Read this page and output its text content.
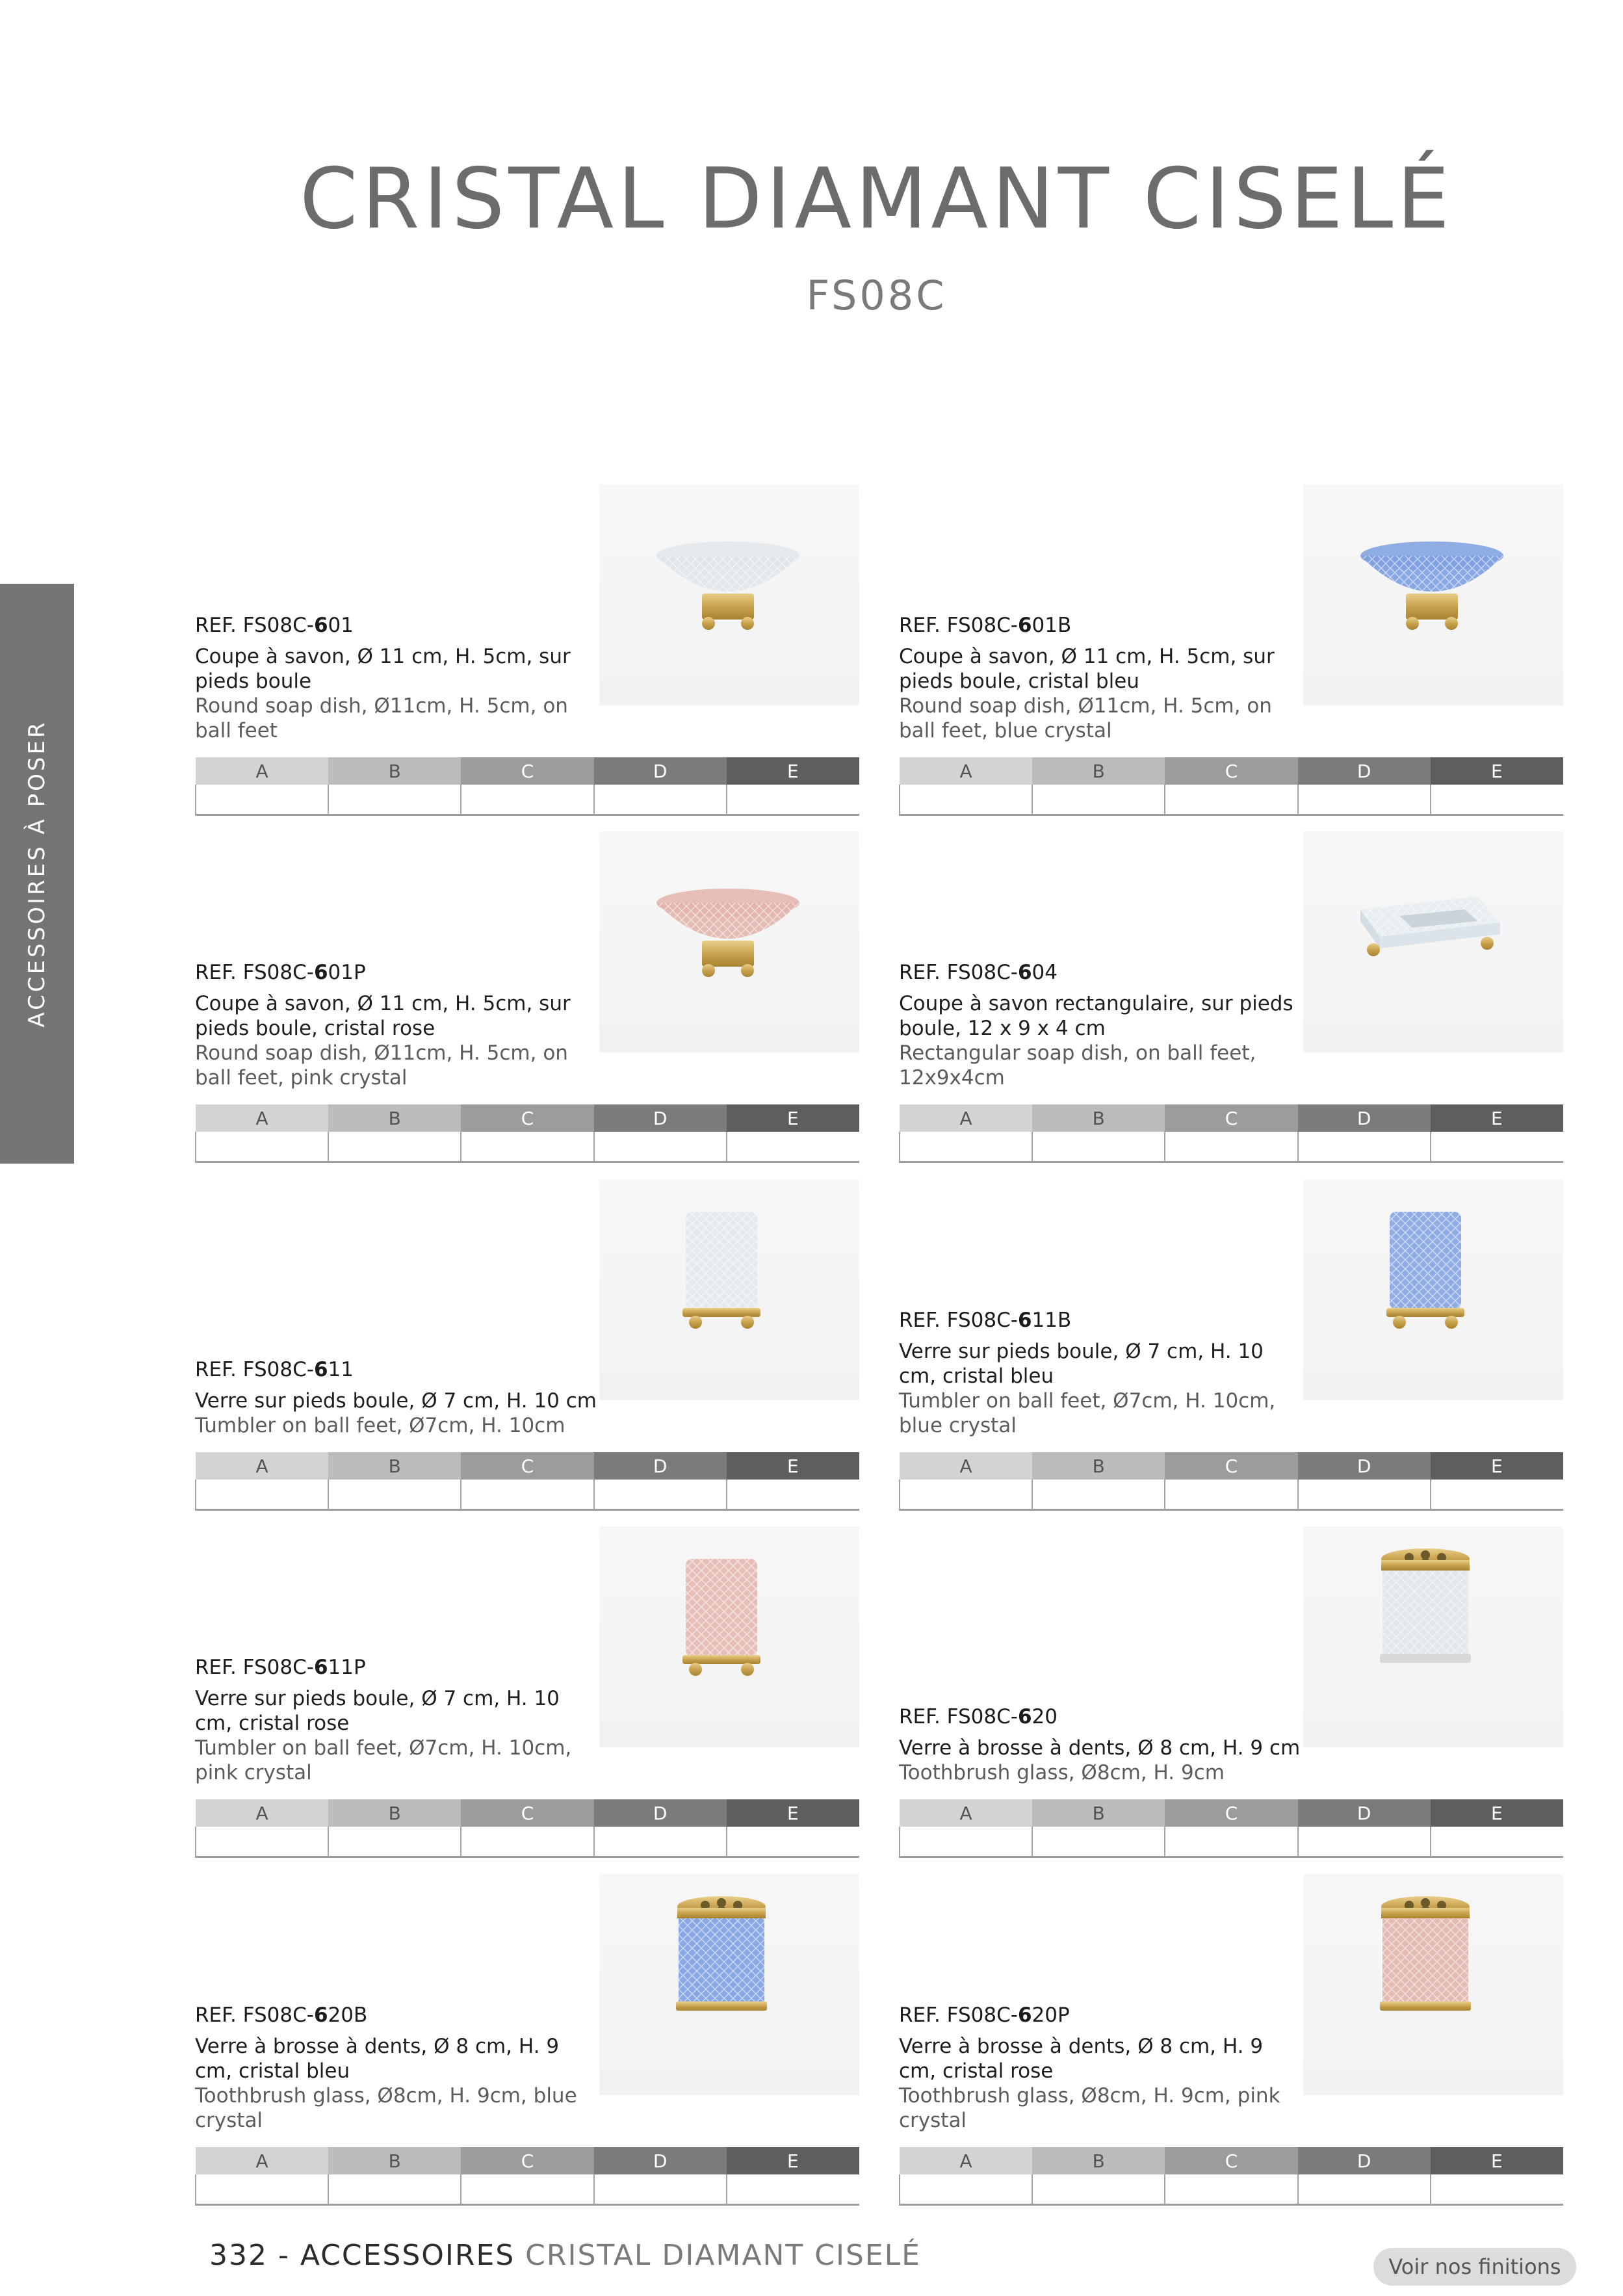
CRISTAL DIAMANT CISELÉ
FS08C
ACCESSOIRES À POSER
REF. FS08C-601
Coupe à savon, Ø 11 cm, H. 5cm, sur pieds boule
Round soap dish, Ø11cm, H. 5cm, on ball feet
A	B	C	D	E

REF. FS08C-601B
Coupe à savon, Ø 11 cm, H. 5cm, sur pieds boule, cristal bleu
Round soap dish, Ø11cm, H. 5cm, on ball feet, blue crystal
A	B	C	D	E

REF. FS08C-601P
Coupe à savon, Ø 11 cm, H. 5cm, sur pieds boule, cristal rose
Round soap dish, Ø11cm, H. 5cm, on ball feet, pink crystal
A	B	C	D	E

REF. FS08C-604
Coupe à savon rectangulaire, sur pieds boule, 12 x 9 x 4 cm
Rectangular soap dish, on ball feet, 12x9x4cm
A	B	C	D	E

REF. FS08C-611
Verre sur pieds boule, Ø 7 cm, H. 10 cm
Tumbler on ball feet, Ø7cm, H. 10cm
A	B	C	D	E

REF. FS08C-611B
Verre sur pieds boule, Ø 7 cm, H. 10 cm, cristal bleu
Tumbler on ball feet, Ø7cm, H. 10cm, blue crystal
A	B	C	D	E

REF. FS08C-611P
Verre sur pieds boule, Ø 7 cm, H. 10 cm, cristal rose
Tumbler on ball feet, Ø7cm, H. 10cm, pink crystal
A	B	C	D	E

REF. FS08C-620
Verre à brosse à dents, Ø 8 cm, H. 9 cm
Toothbrush glass, Ø8cm, H. 9cm
A	B	C	D	E

REF. FS08C-620B
Verre à brosse à dents, Ø 8 cm, H. 9 cm, cristal bleu
Toothbrush glass, Ø8cm, H. 9cm, blue crystal
A	B	C	D	E

REF. FS08C-620P
Verre à brosse à dents, Ø 8 cm, H. 9 cm, cristal rose
Toothbrush glass, Ø8cm, H. 9cm, pink crystal
A	B	C	D	E

332 - ACCESSOIRES CRISTAL DIAMANT CISELÉ	Voir nos finitions
